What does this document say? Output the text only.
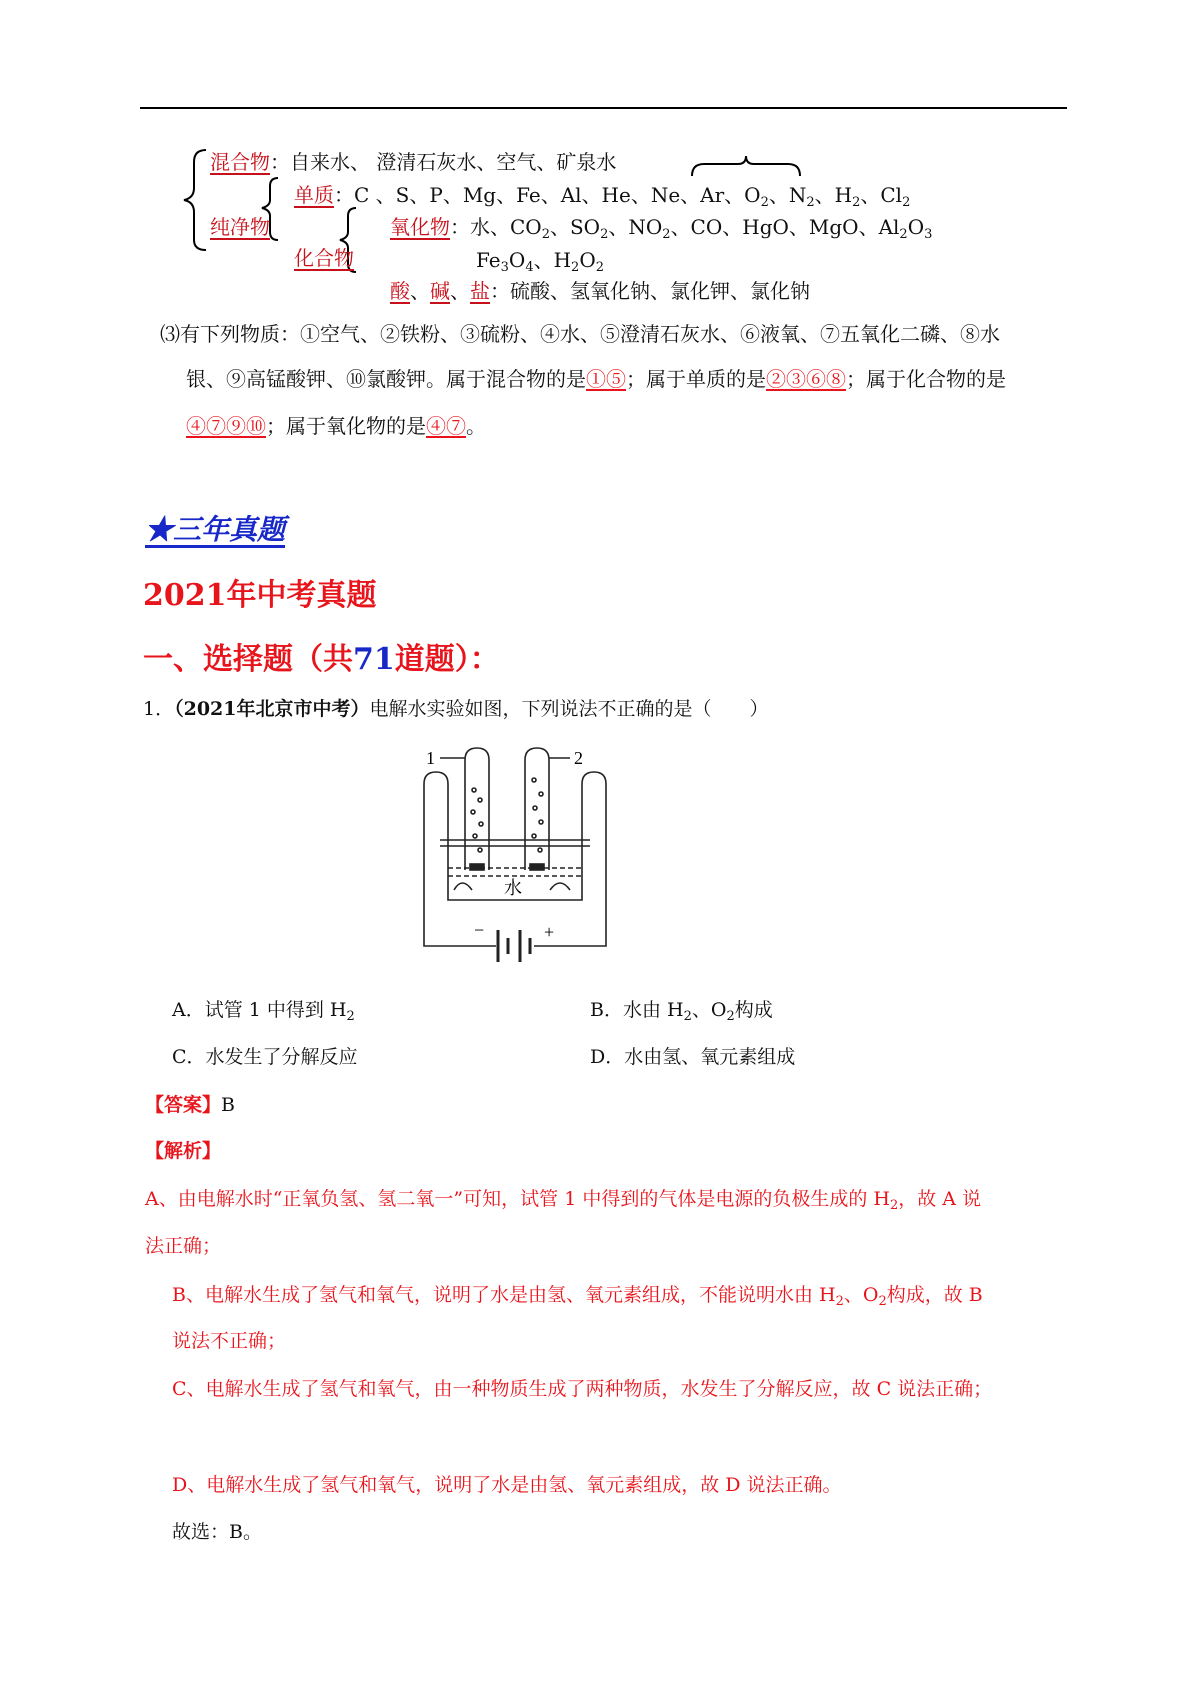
混合物：自来水、 澄清石灰水、空气、矿泉水
单质：C 、S、P、Mg、Fe、Al、He、Ne、Ar、$O_2$、$N_2$、$H_2$、$Cl_2$
纯净物	氧化物：水、$CO_2$、$SO_2$、$NO_2$、CO、HgO、MgO、$Al_2O_3$
化合物	$Fe_3O_4$、$H_2O_2$
酸、碱、盐：硫酸、氢氧化钠、氯化钾、氯化钠
⑶有下列物质：①空气、②铁粉、③硫粉、④水、⑤澄清石灰水、⑥液氧、⑦五氧化二磷、⑧水
银、⑨高锰酸钾、⑩氯酸钾。属于混合物的是①⑤；属于单质的是②③⑥⑧；属于化合物的是
④⑦⑨⑩；属于氧化物的是④⑦。
★三年真题
2021年中考真题
一、选择题（共71道题）：
1．（2021年北京市中考）电解水实验如图，下列说法不正确的是（　　）
1	2
水
−	+
A．试管 1 中得到 $H_2$	B．水由 $H_2$、$O_2$构成
C．水发生了分解反应	D．水由氢、氧元素组成
【答案】B
【解析】
A、由电解水时“正氧负氢、氢二氧一”可知，试管 1 中得到的气体是电源的负极生成的 $H_2$，故 A 说
法正确；
B、电解水生成了氢气和氧气，说明了水是由氢、氧元素组成，不能说明水由 $H_2$、$O_2$构成，故 B
说法不正确；
C、电解水生成了氢气和氧气，由一种物质生成了两种物质，水发生了分解反应，故 C 说法正确；
D、电解水生成了氢气和氧气，说明了水是由氢、氧元素组成，故 D 说法正确。
故选：B。
